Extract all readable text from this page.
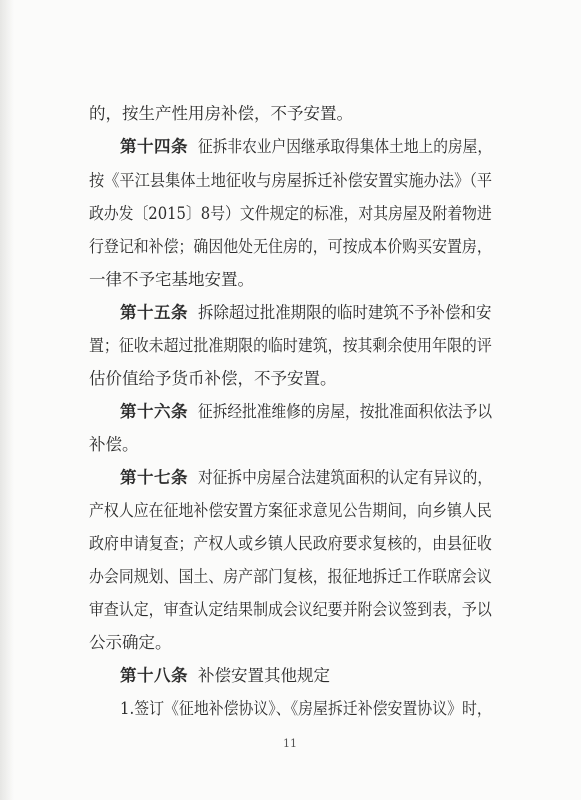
的，按生产性用房补偿，不予安置。
第十四条 征拆非农业户因继承取得集体土地上的房屋，
按《平江县集体土地征收与房屋拆迁补偿安置实施办法》（平
政办发〔2015〕8号）文件规定的标准，对其房屋及附着物进
行登记和补偿；确因他处无住房的，可按成本价购买安置房，
一律不予宅基地安置。
第十五条 拆除超过批准期限的临时建筑不予补偿和安
置；征收未超过批准期限的临时建筑，按其剩余使用年限的评
估价值给予货币补偿，不予安置。
第十六条 征拆经批准维修的房屋，按批准面积依法予以
补偿。
第十七条 对征拆中房屋合法建筑面积的认定有异议的，
产权人应在征地补偿安置方案征求意见公告期间，向乡镇人民
政府申请复查；产权人或乡镇人民政府要求复核的，由县征收
办会同规划、国土、房产部门复核，报征地拆迁工作联席会议
审查认定，审查认定结果制成会议纪要并附会议签到表，予以
公示确定。
第十八条 补偿安置其他规定
1.签订《征地补偿协议》、《房屋拆迁补偿安置协议》时，
11
